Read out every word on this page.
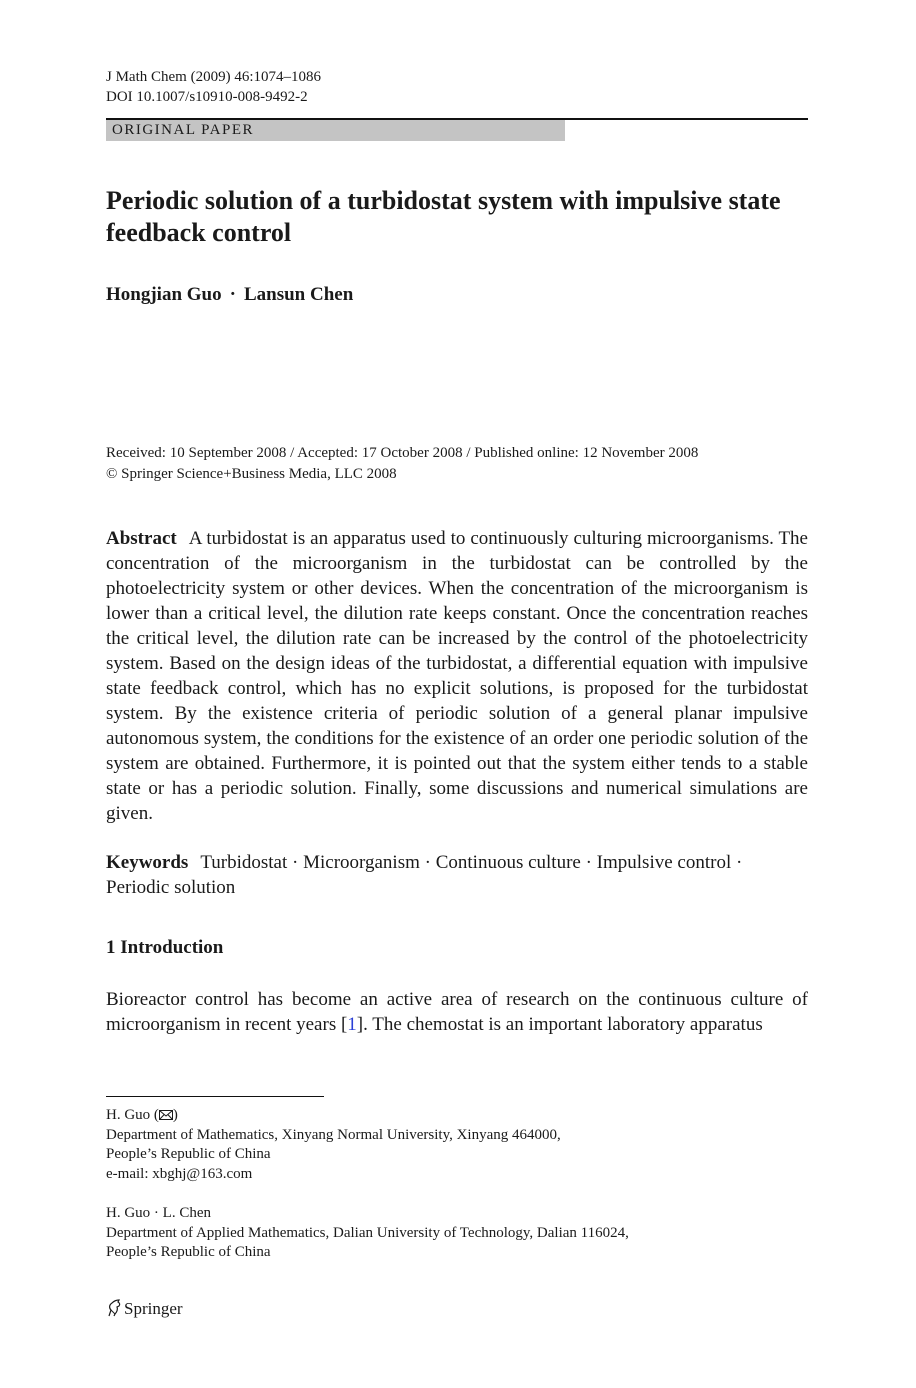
J Math Chem (2009) 46:1074–1086
DOI 10.1007/s10910-008-9492-2
ORIGINAL PAPER
Periodic solution of a turbidostat system with impulsive state feedback control
Hongjian Guo · Lansun Chen
Received: 10 September 2008 / Accepted: 17 October 2008 / Published online: 12 November 2008
© Springer Science+Business Media, LLC 2008
Abstract A turbidostat is an apparatus used to continuously culturing microorganisms. The concentration of the microorganism in the turbidostat can be controlled by the photoelectricity system or other devices. When the concentration of the microorganism is lower than a critical level, the dilution rate keeps constant. Once the concentration reaches the critical level, the dilution rate can be increased by the control of the photoelectricity system. Based on the design ideas of the turbidostat, a differential equation with impulsive state feedback control, which has no explicit solutions, is proposed for the turbidostat system. By the existence criteria of periodic solution of a general planar impulsive autonomous system, the conditions for the existence of an order one periodic solution of the system are obtained. Furthermore, it is pointed out that the system either tends to a stable state or has a periodic solution. Finally, some discussions and numerical simulations are given.
Keywords Turbidostat · Microorganism · Continuous culture · Impulsive control · Periodic solution
1 Introduction
Bioreactor control has become an active area of research on the continuous culture of microorganism in recent years [1]. The chemostat is an important laboratory apparatus
H. Guo ( )
Department of Mathematics, Xinyang Normal University, Xinyang 464000,
People’s Republic of China
e-mail: xbghj@163.com
H. Guo · L. Chen
Department of Applied Mathematics, Dalian University of Technology, Dalian 116024,
People’s Republic of China
Springer
